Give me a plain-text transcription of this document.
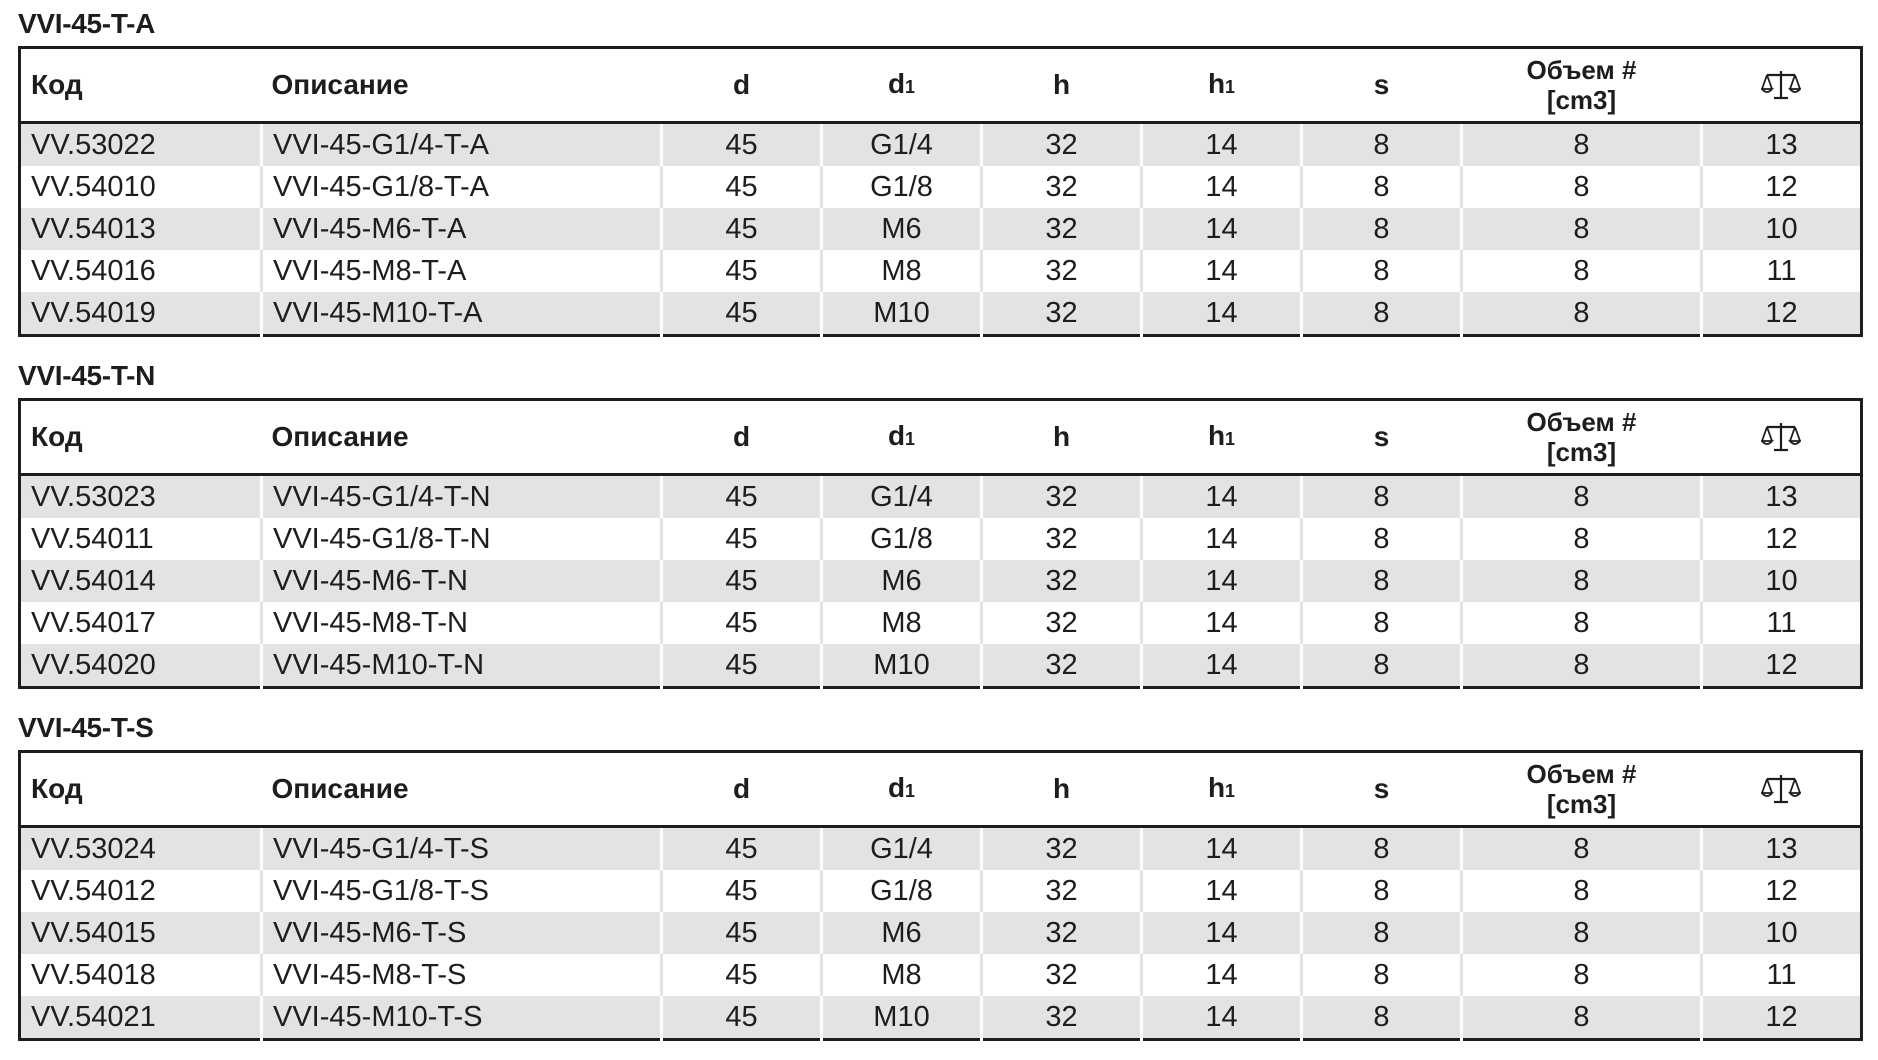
VVI-45-T-A
Код	Описание	d	d1	h	h1	s	Объем #
[cm3]	
VV.53022	VVI-45-G1/4-T-A	45	G1/4	32	14	8	8	13
VV.54010	VVI-45-G1/8-T-A	45	G1/8	32	14	8	8	12
VV.54013	VVI-45-M6-T-A	45	M6	32	14	8	8	10
VV.54016	VVI-45-M8-T-A	45	M8	32	14	8	8	11
VV.54019	VVI-45-M10-T-A	45	M10	32	14	8	8	12
VVI-45-T-N
Код	Описание	d	d1	h	h1	s	Объем #
[cm3]	
VV.53023	VVI-45-G1/4-T-N	45	G1/4	32	14	8	8	13
VV.54011	VVI-45-G1/8-T-N	45	G1/8	32	14	8	8	12
VV.54014	VVI-45-M6-T-N	45	M6	32	14	8	8	10
VV.54017	VVI-45-M8-T-N	45	M8	32	14	8	8	11
VV.54020	VVI-45-M10-T-N	45	M10	32	14	8	8	12
VVI-45-T-S
Код	Описание	d	d1	h	h1	s	Объем #
[cm3]	
VV.53024	VVI-45-G1/4-T-S	45	G1/4	32	14	8	8	13
VV.54012	VVI-45-G1/8-T-S	45	G1/8	32	14	8	8	12
VV.54015	VVI-45-M6-T-S	45	M6	32	14	8	8	10
VV.54018	VVI-45-M8-T-S	45	M8	32	14	8	8	11
VV.54021	VVI-45-M10-T-S	45	M10	32	14	8	8	12
